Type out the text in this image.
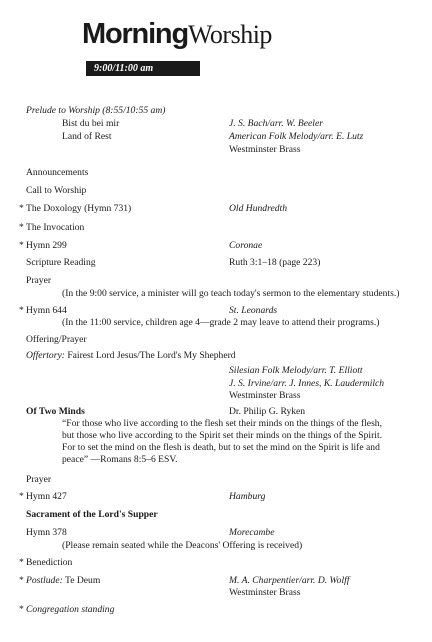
MorningWorship
9:00/11:00 am
Prelude to Worship (8:55/10:55 am)
Bist du bei mir	J. S. Bach/arr. W. Beeler
Land of Rest	American Folk Melody/arr. E. Lutz
Westminster Brass
Announcements
Call to Worship
* The Doxology (Hymn 731)	Old Hundredth
* The Invocation
* Hymn 299	Coronae
Scripture Reading	Ruth 3:1–18 (page 223)
Prayer
(In the 9:00 service, a minister will go teach today's sermon to the elementary students.)
* Hymn 644	St. Leonards
(In the 11:00 service, children age 4—grade 2 may leave to attend their programs.)
Offering/Prayer
Offertory: Fairest Lord Jesus/The Lord's My Shepherd
Silesian Folk Melody/arr. T. Elliott
J. S. Irvine/arr. J. Innes, K. Laudermilch
Westminster Brass
Of Two Minds	Dr. Philip G. Ryken
“For those who live according to the flesh set their minds on the things of the flesh,
but those who live according to the Spirit set their minds on the things of the Spirit.
For to set the mind on the flesh is death, but to set the mind on the Spirit is life and
peace” —Romans 8:5–6 ESV.
Prayer
* Hymn 427	Hamburg
Sacrament of the Lord's Supper
Hymn 378	Morecambe
(Please remain seated while the Deacons' Offering is received)
* Benediction
* Postlude: Te Deum	M. A. Charpentier/arr. D. Wolff
Westminster Brass
* Congregation standing
